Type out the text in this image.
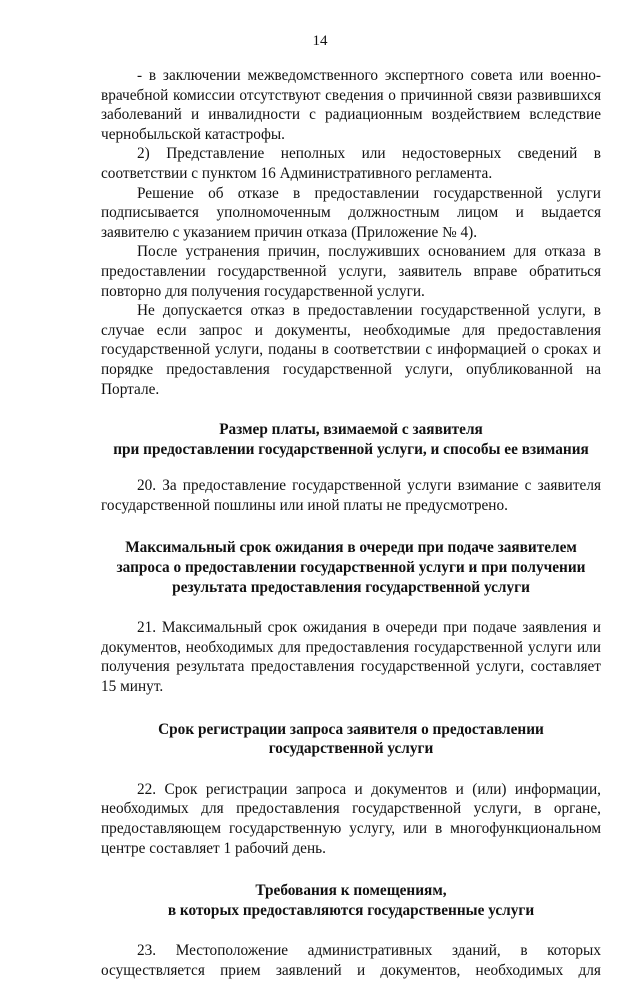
14

- в заключении межведомственного экспертного совета или военно-врачебной комиссии отсутствуют сведения о причинной связи развившихся заболеваний и инвалидности с радиационным воздействием вследствие чернобыльской катастрофы.

2) Представление неполных или недостоверных сведений в соответствии с пунктом 16 Административного регламента.

Решение об отказе в предоставлении государственной услуги подписывается уполномоченным должностным лицом и выдается заявителю с указанием причин отказа (Приложение № 4).

После устранения причин, послуживших основанием для отказа в предоставлении государственной услуги, заявитель вправе обратиться повторно для получения государственной услуги.

Не допускается отказ в предоставлении государственной услуги, в случае если запрос и документы, необходимые для предоставления государственной услуги, поданы в соответствии с информацией о сроках и порядке предоставления государственной услуги, опубликованной на Портале.

Размер платы, взимаемой с заявителя
при предоставлении государственной услуги, и способы ее взимания

20. За предоставление государственной услуги взимание с заявителя государственной пошлины или иной платы не предусмотрено.

Максимальный срок ожидания в очереди при подаче заявителем
запроса о предоставлении государственной услуги и при получении
результата предоставления государственной услуги

21. Максимальный срок ожидания в очереди при подаче заявления и документов, необходимых для предоставления государственной услуги или получения результата предоставления государственной услуги, составляет 15 минут.

Срок регистрации запроса заявителя о предоставлении
государственной услуги

22. Срок регистрации запроса и документов и (или) информации, необходимых для предоставления государственной услуги, в органе, предоставляющем государственную услугу, или в многофункциональном центре составляет 1 рабочий день.

Требования к помещениям,
в которых предоставляются государственные услуги
23. Местоположение административных зданий, в которых
осуществляется прием заявлений и документов, необходимых для
